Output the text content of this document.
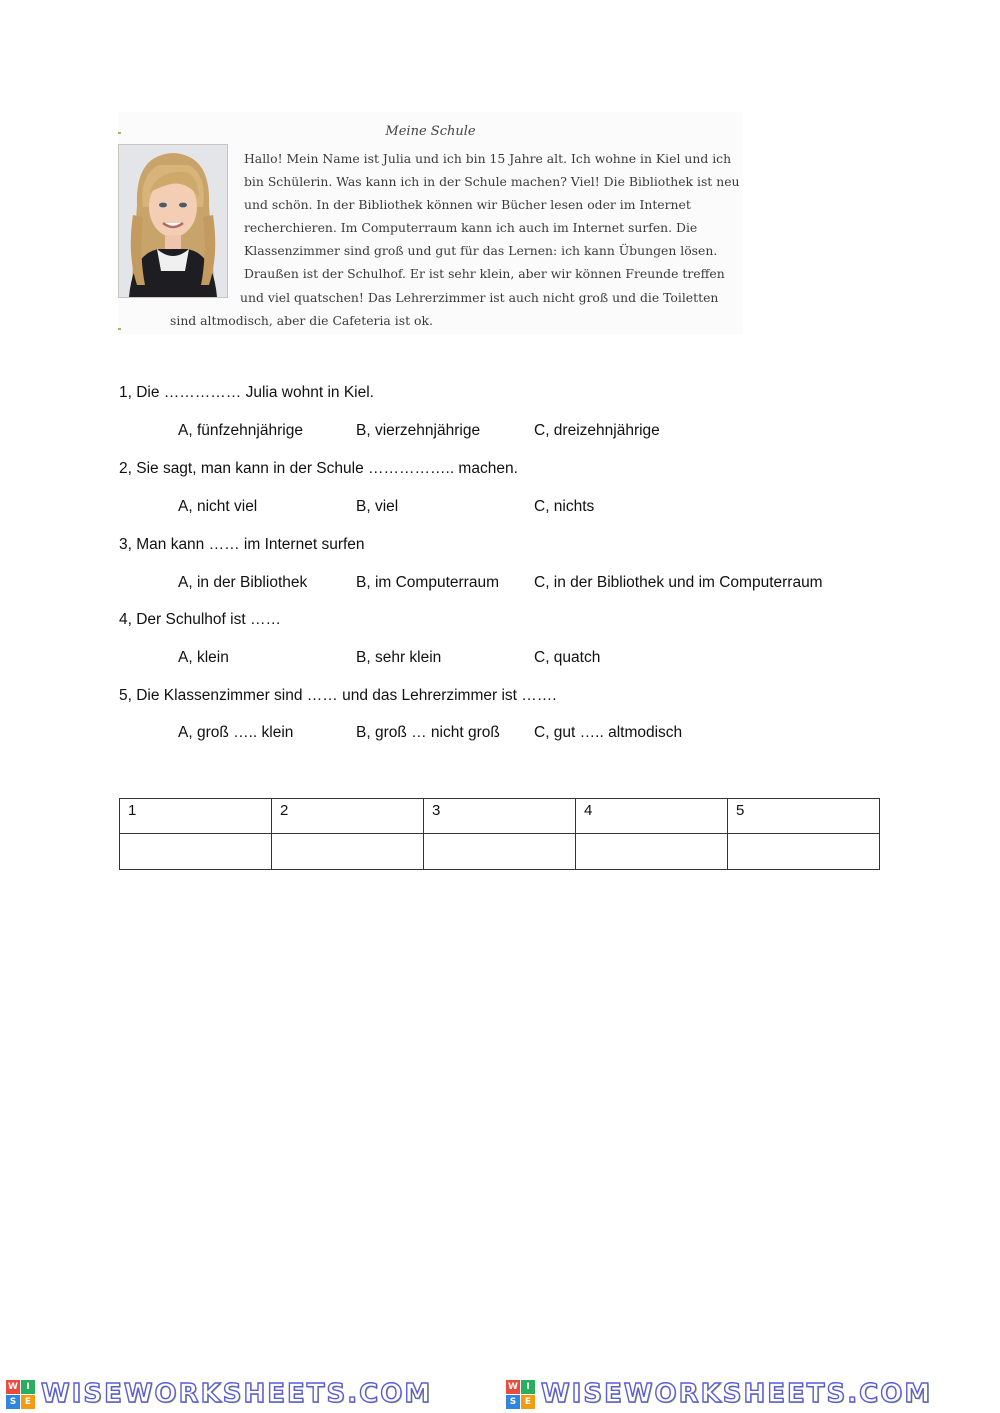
Meine Schule

Hallo! Mein Name ist Julia und ich bin 15 Jahre alt. Ich wohne in Kiel und ich
bin Schülerin. Was kann ich in der Schule machen? Viel! Die Bibliothek ist neu
und schön. In der Bibliothek können wir Bücher lesen oder im Internet
recherchieren. Im Computerraum kann ich auch im Internet surfen. Die
Klassenzimmer sind groß und gut für das Lernen: ich kann Übungen lösen.
Draußen ist der Schulhof. Er ist sehr klein, aber wir können Freunde treffen
und viel quatschen! Das Lehrerzimmer ist auch nicht groß und die Toiletten
sind altmodisch, aber die Cafeteria ist ok.

1, Die …………… Julia wohnt in Kiel.
A, fünfzehnjährige	B, vierzehnjährige	C, dreizehnjährige
2, Sie sagt, man kann in der Schule …………….. machen.
A, nicht viel	B, viel	C, nichts
3, Man kann …… im Internet surfen
A, in der Bibliothek	B, im Computerraum C, in der Bibliothek und im Computerraum
4, Der Schulhof ist ……
A, klein	B, sehr klein	C, quatch
5, Die Klassenzimmer sind …… und das Lehrerzimmer ist …….
A, groß ….. klein	B, groß … nicht groß C, gut ….. altmodisch
1	2	3	4	5

W I
S E WISEWORKSHEETS.COM	W I
S E WISEWORKSHEETS.COM
